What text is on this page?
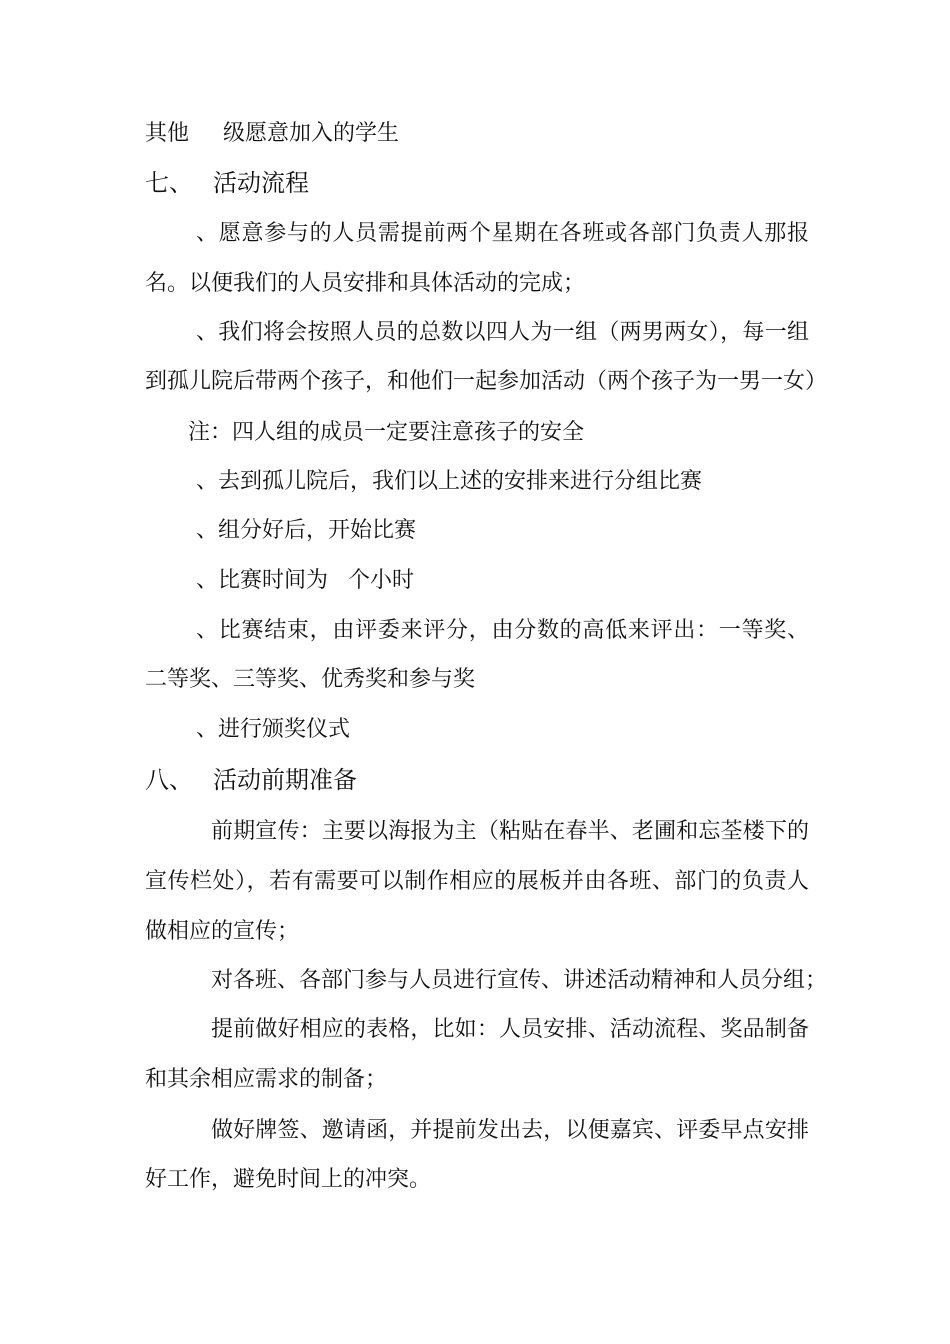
其他 级愿意加入的学生
七、 活动流程
、愿意参与的人员需提前两个星期在各班或各部门负责人那报
名。以便我们的人员安排和具体活动的完成；
、我们将会按照人员的总数以四人为一组（两男两女），每一组
到孤儿院后带两个孩子，和他们一起参加活动（两个孩子为一男一女）
注：四人组的成员一定要注意孩子的安全
、去到孤儿院后，我们以上述的安排来进行分组比赛
、组分好后，开始比赛
、比赛时间为 个小时
、比赛结束，由评委来评分，由分数的高低来评出：一等奖、
二等奖、三等奖、优秀奖和参与奖
、进行颁奖仪式
八、 活动前期准备
前期宣传：主要以海报为主（粘贴在春半、老圃和忘荃楼下的
宣传栏处），若有需要可以制作相应的展板并由各班、部门的负责人
做相应的宣传；
对各班、各部门参与人员进行宣传、讲述活动精神和人员分组；
提前做好相应的表格，比如：人员安排、活动流程、奖品制备
和其余相应需求的制备；
做好牌签、邀请函，并提前发出去，以便嘉宾、评委早点安排
好工作，避免时间上的冲突。
